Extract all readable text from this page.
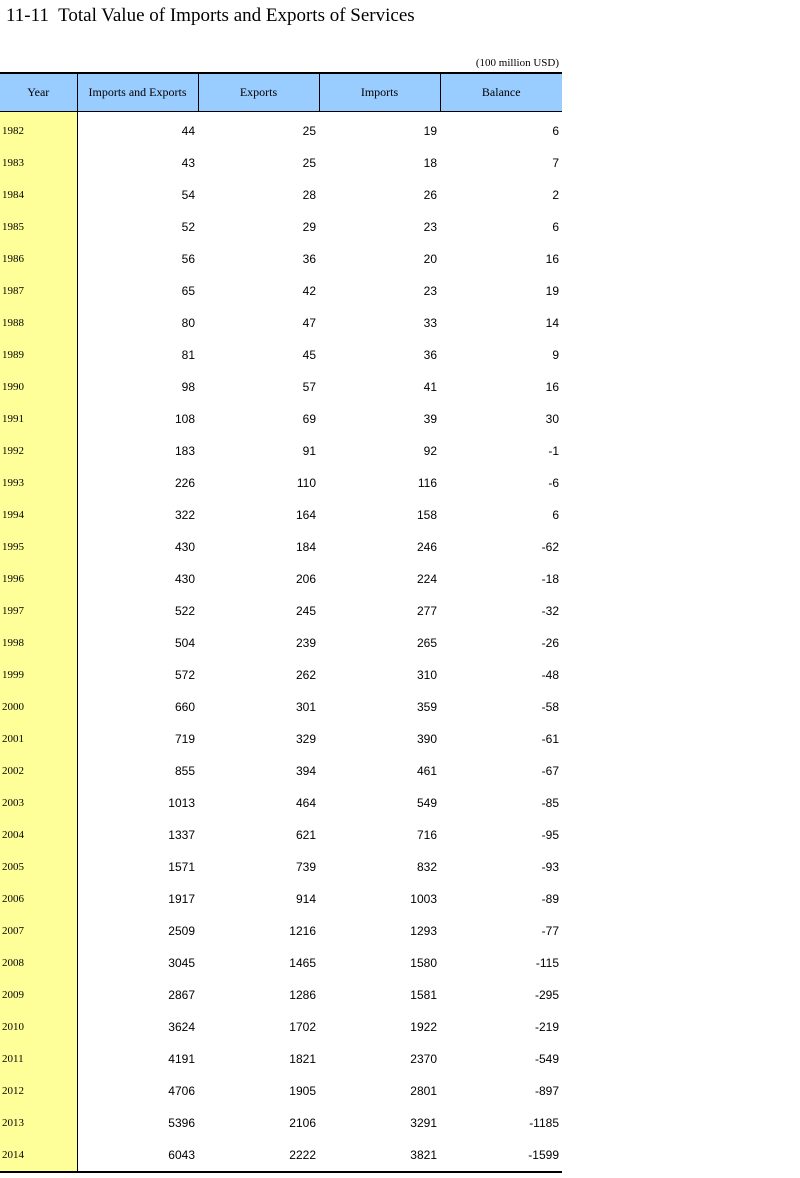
11-11  Total Value of Imports and Exports of Services
(100 million USD)
Year	Imports and Exports	Exports	Imports	Balance

1982	44	25	19	6
1983	43	25	18	7
1984	54	28	26	2
1985	52	29	23	6
1986	56	36	20	16
1987	65	42	23	19
1988	80	47	33	14
1989	81	45	36	9
1990	98	57	41	16
1991	108	69	39	30
1992	183	91	92	-1
1993	226	110	116	-6
1994	322	164	158	6
1995	430	184	246	-62
1996	430	206	224	-18
1997	522	245	277	-32
1998	504	239	265	-26
1999	572	262	310	-48
2000	660	301	359	-58
2001	719	329	390	-61
2002	855	394	461	-67
2003	1013	464	549	-85
2004	1337	621	716	-95
2005	1571	739	832	-93
2006	1917	914	1003	-89
2007	2509	1216	1293	-77
2008	3045	1465	1580	-115
2009	2867	1286	1581	-295
2010	3624	1702	1922	-219
2011	4191	1821	2370	-549
2012	4706	1905	2801	-897
2013	5396	2106	3291	-1185
2014	6043	2222	3821	-1599
